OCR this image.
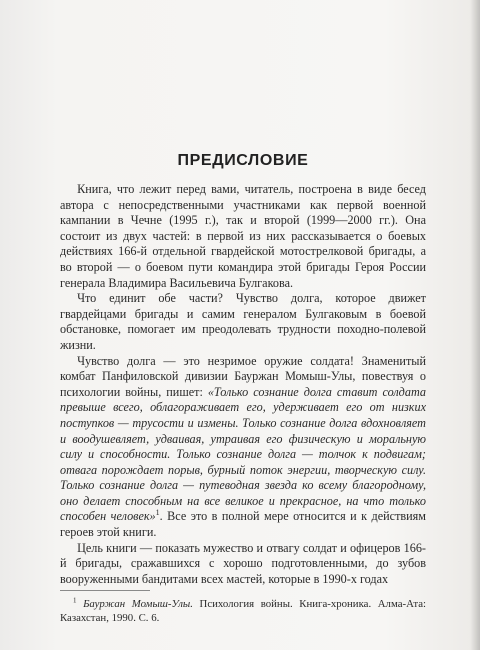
ПРЕДИСЛОВИЕ

Книга, что лежит перед вами, читатель, построена в виде бесед автора с непосредственными участниками как первой военной кампании в Чечне (1995 г.), так и второй (1999—2000 гг.). Она состоит из двух частей: в первой из них рассказывается о боевых действиях 166-й отдельной гвардейской мотострелковой бригады, а во второй — о боевом пути командира этой бригады Героя России генерала Владимира Васильевича Булгакова.

Что единит обе части? Чувство долга, которое движет гвардейцами бригады и самим генералом Булгаковым в боевой обстановке, помогает им преодолевать трудности походно-полевой жизни.

Чувство долга — это незримое оружие солдата! Знаменитый комбат Панфиловской дивизии Бауржан Момыш-Улы, повествуя о психологии войны, пишет: «Только сознание долга ставит солдата превыше всего, облагораживает его, удерживает его от низких поступков — трусости и измены. Только сознание долга вдохновляет и воодушевляет, удваивая, утраивая его физическую и моральную силу и способности. Только сознание долга — толчок к подвигам; отвага порождает порыв, бурный поток энергии, творческую силу. Только сознание долга — путеводная звезда ко всему благородному, оно делает способным на все великое и прекрасное, на что только способен человек»$^1$. Все это в полной мере относится и к действиям героев этой книги.

Цель книги — показать мужество и отвагу солдат и офицеров 166-й бригады, сражавшихся с хорошо подготовленными, до зубов вооруженными бандитами всех мастей, которые в 1990-х годах

$^1$ Бауржан Момыш-Улы. Психология войны. Книга-хроника. Алма-Ата: Казахстан, 1990. С. 6.
